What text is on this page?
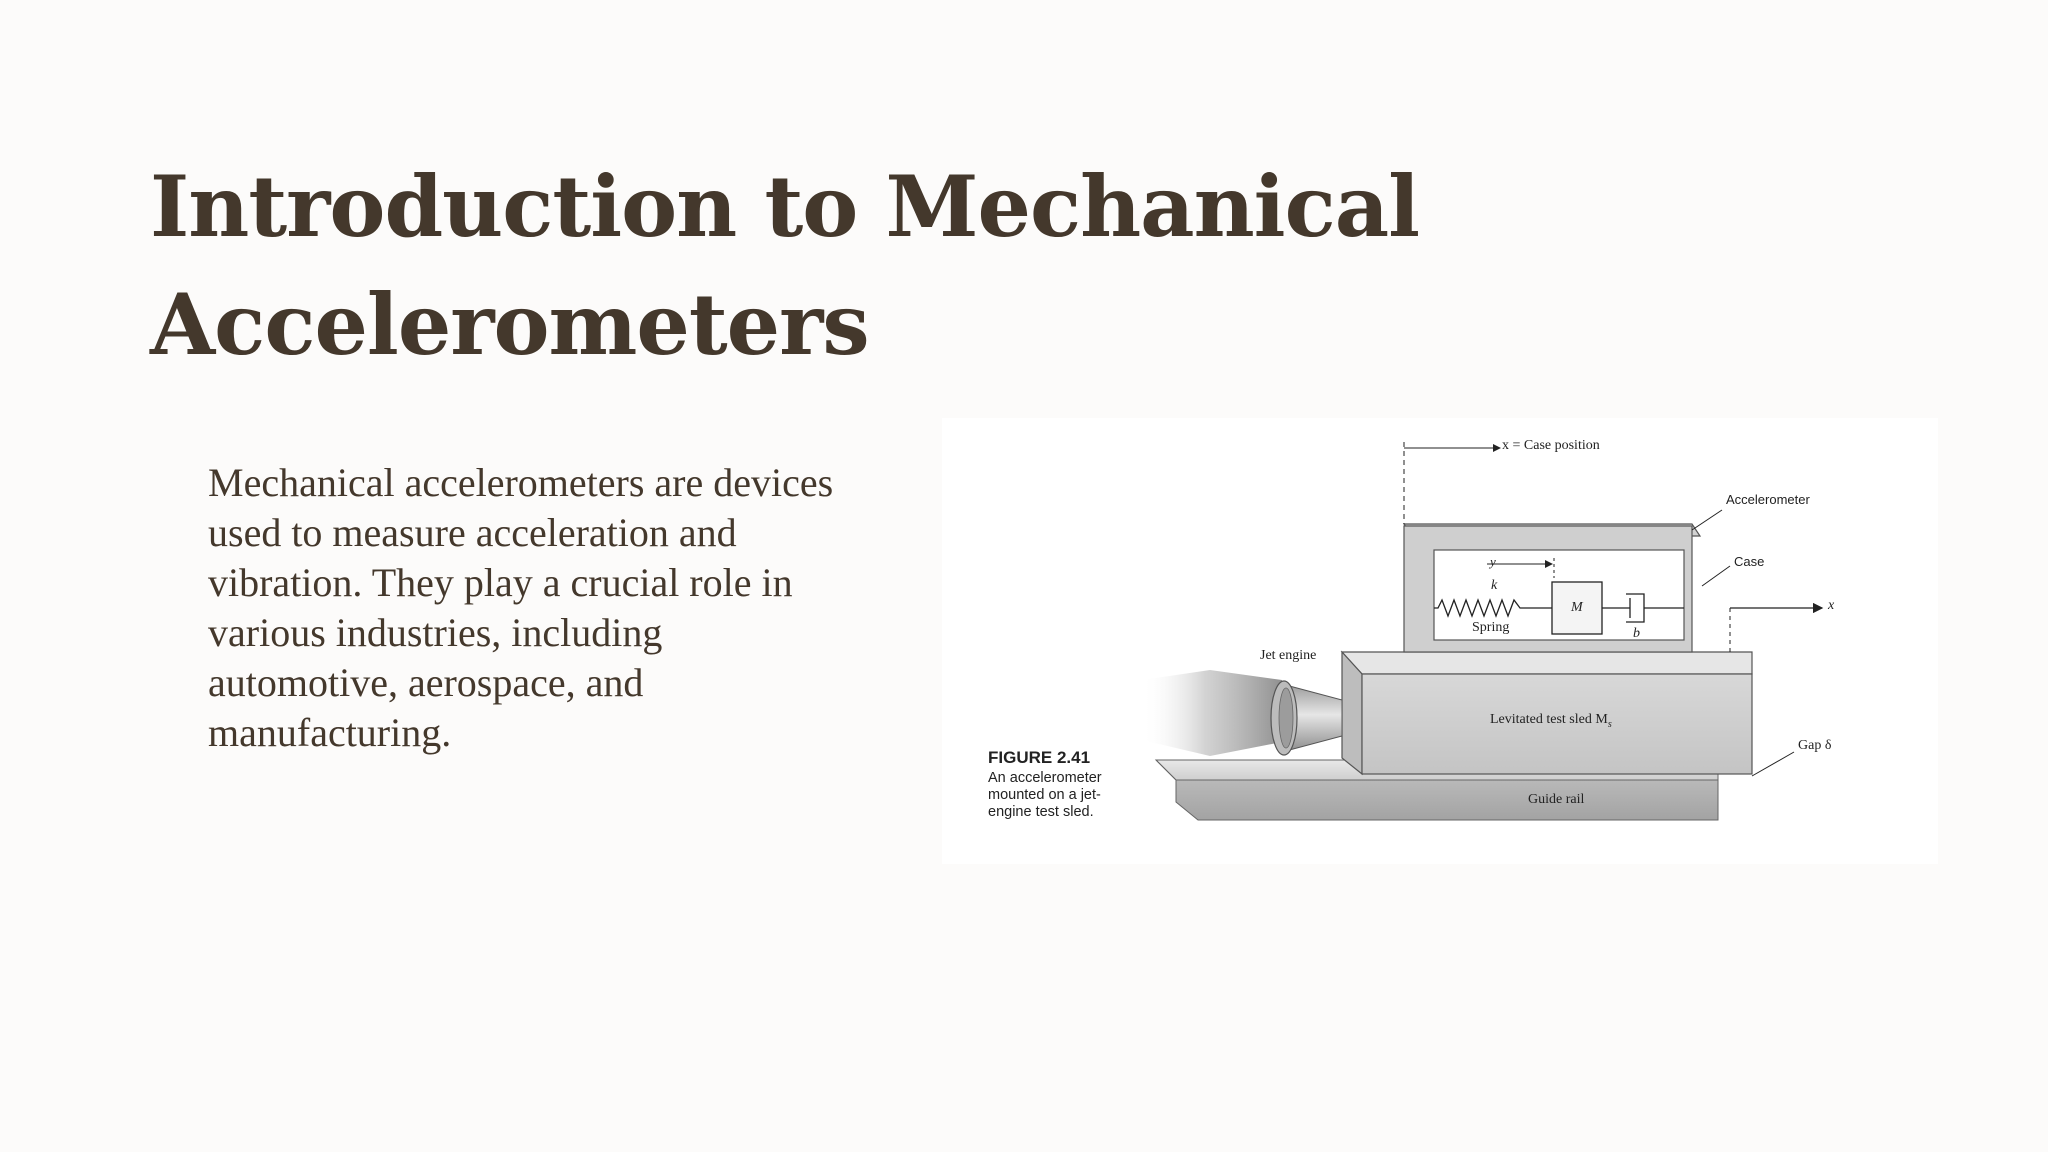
Introduction to Mechanical Accelerometers

Mechanical accelerometers are devices used to measure acceleration and vibration. They play a crucial role in various industries, including automotive, aerospace, and manufacturing.

FIGURE 2.41
An accelerometer mounted on a jet-engine test sled.
x = Case position
Accelerometer
Case
y
k
Spring
M
b
x
Jet engine
Levitated test sled $M_s$
Gap δ
Guide rail
